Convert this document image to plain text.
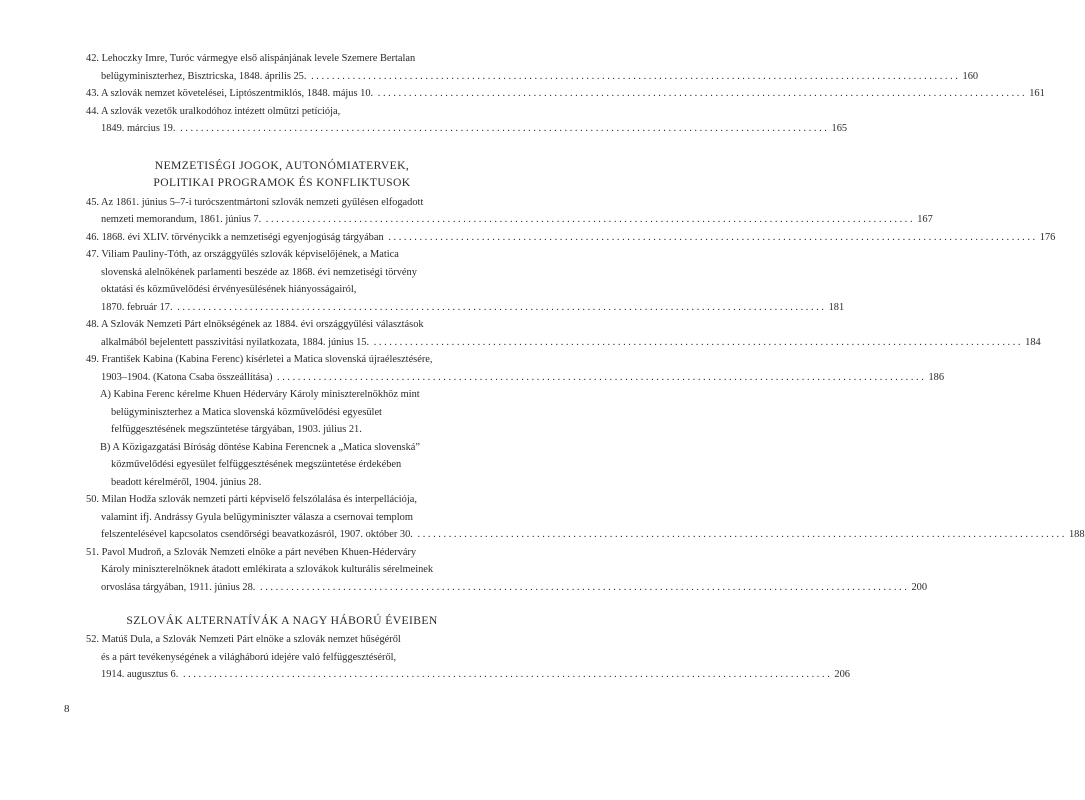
42. Lehoczky Imre, Turóc vármegye első alispánjának levele Szemere Bertalan
belügyminiszterhez, Bisztricska, 1848. április 25. . . .	160
43. A szlovák nemzet követelései, Liptószentmiklós, 1848. május 10. . . .	161
44. A szlovák vezetők uralkodóhoz intézett olmützi petíciója,
1849. március 19. . . .	165
NEMZETISÉGI JOGOK, AUTONÓMIATERVEK,
POLITIKAI PROGRAMOK ÉS KONFLIKTUSOK
45. Az 1861. június 5–7-i turócszentmártoni szlovák nemzeti gyűlésen elfogadott
nemzeti memorandum, 1861. június 7. . . .	167
46. 1868. évi XLIV. törvénycikk a nemzetiségi egyenjogúság tárgyában . . .	176
47. Viliam Pauliny-Tóth, az országgyűlés szlovák képviselőjének, a Matica
slovenská alelnökének parlamenti beszéde az 1868. évi nemzetiségi törvény
oktatási és közművelődési érvényesülésének hiányosságairól,
1870. február 17. . . .	181
48. A Szlovák Nemzeti Párt elnökségének az 1884. évi országgyűlési választások
alkalmából bejelentett passzivitási nyilatkozata, 1884. június 15. . . .	184
49. František Kabina (Kabina Ferenc) kísérletei a Matica slovenská újraélesztésére,
1903–1904. (Katona Csaba összeállítása) . . .	186
A) Kabina Ferenc kérelme Khuen Héderváry Károly miniszterelnökhöz mint
belügyminiszterhez a Matica slovenská közművelődési egyesület
felfüggesztésének megszüntetése tárgyában, 1903. július 21.
B) A Közigazgatási Bíróság döntése Kabina Ferencnek a „Matica slovenská”
közművelődési egyesület felfüggesztésének megszüntetése érdekében
beadott kérelméről, 1904. június 28.
50. Milan Hodža szlovák nemzeti párti képviselő felszólalása és interpellációja,
valamint ifj. Andrássy Gyula belügyminiszter válasza a csernovai templom
felszentelésével kapcsolatos csendőrségi beavatkozásról, 1907. október 30. . . .	188
51. Pavol Mudroň, a Szlovák Nemzeti elnöke a párt nevében Khuen-Héderváry
Károly miniszterelnöknek átadott emlékirata a szlovákok kulturális sérelmeinek
orvoslása tárgyában, 1911. június 28. . . .	200
SZLOVÁK ALTERNATÍVÁK A NAGY HÁBORÚ ÉVEIBEN
52. Matúš Dula, a Szlovák Nemzeti Párt elnöke a szlovák nemzet hűségéről
és a párt tevékenységének a világháború idejére való felfüggesztéséről,
1914. augusztus 6. . . .	206
8
